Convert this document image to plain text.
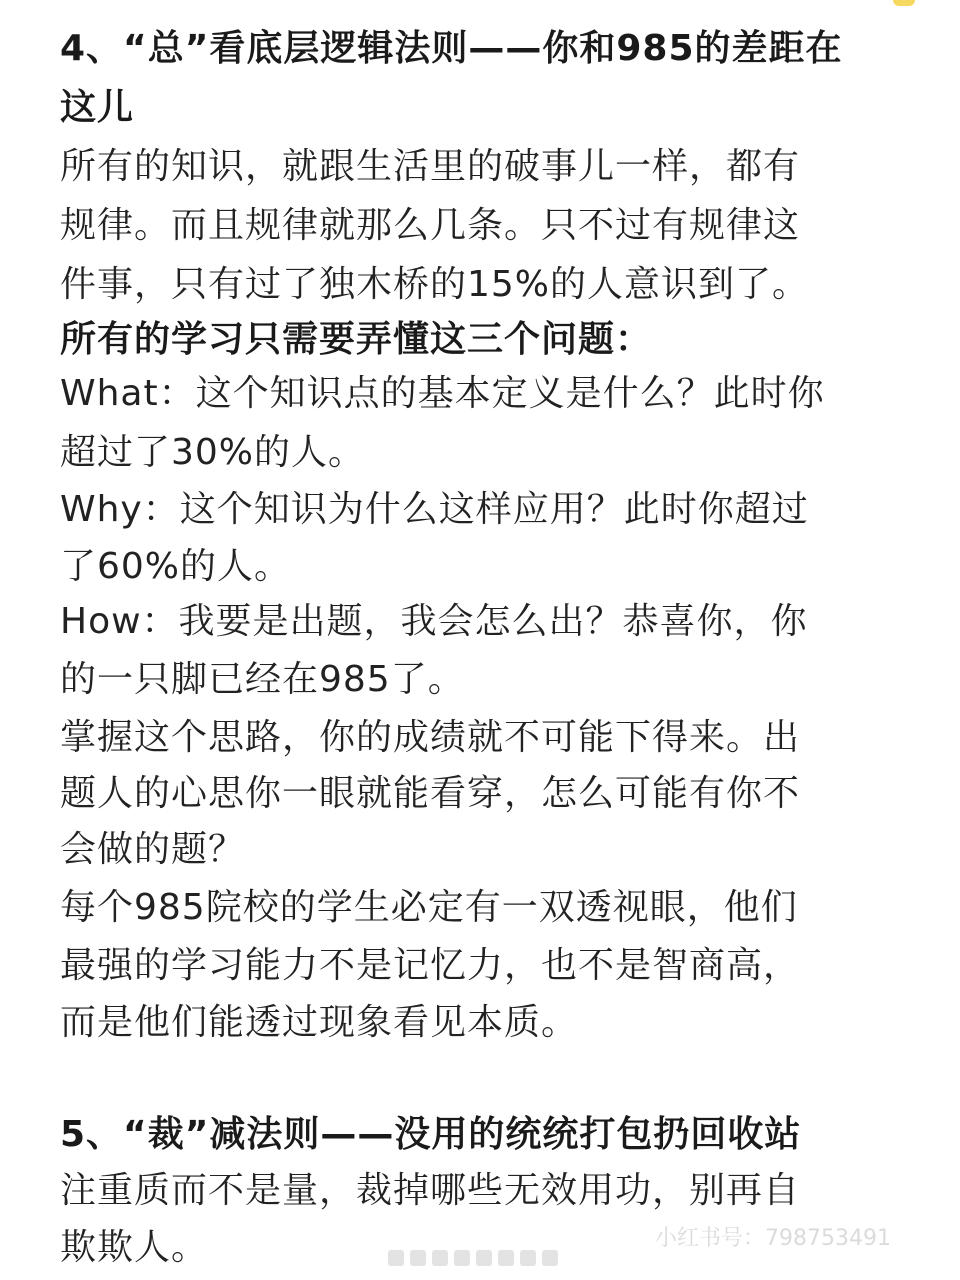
4、“总”看底层逻辑法则——你和985的差距在

这儿

所有的知识，就跟生活里的破事儿一样，都有

规律。而且规律就那么几条。只不过有规律这

件事，只有过了独木桥的15%的人意识到了。

所有的学习只需要弄懂这三个问题：

What：这个知识点的基本定义是什么？此时你

超过了30%的人。

Why：这个知识为什么这样应用？此时你超过

了60%的人。

How：我要是出题，我会怎么出？恭喜你，你

的一只脚已经在985了。

掌握这个思路，你的成绩就不可能下得来。出

题人的心思你一眼就能看穿，怎么可能有你不

会做的题？

每个985院校的学生必定有一双透视眼，他们

最强的学习能力不是记忆力，也不是智商高，

而是他们能透过现象看见本质。

5、“裁”减法则——没用的统统打包扔回收站

注重质而不是量，裁掉哪些无效用功，别再自

欺欺人。	小红书号：798753491
